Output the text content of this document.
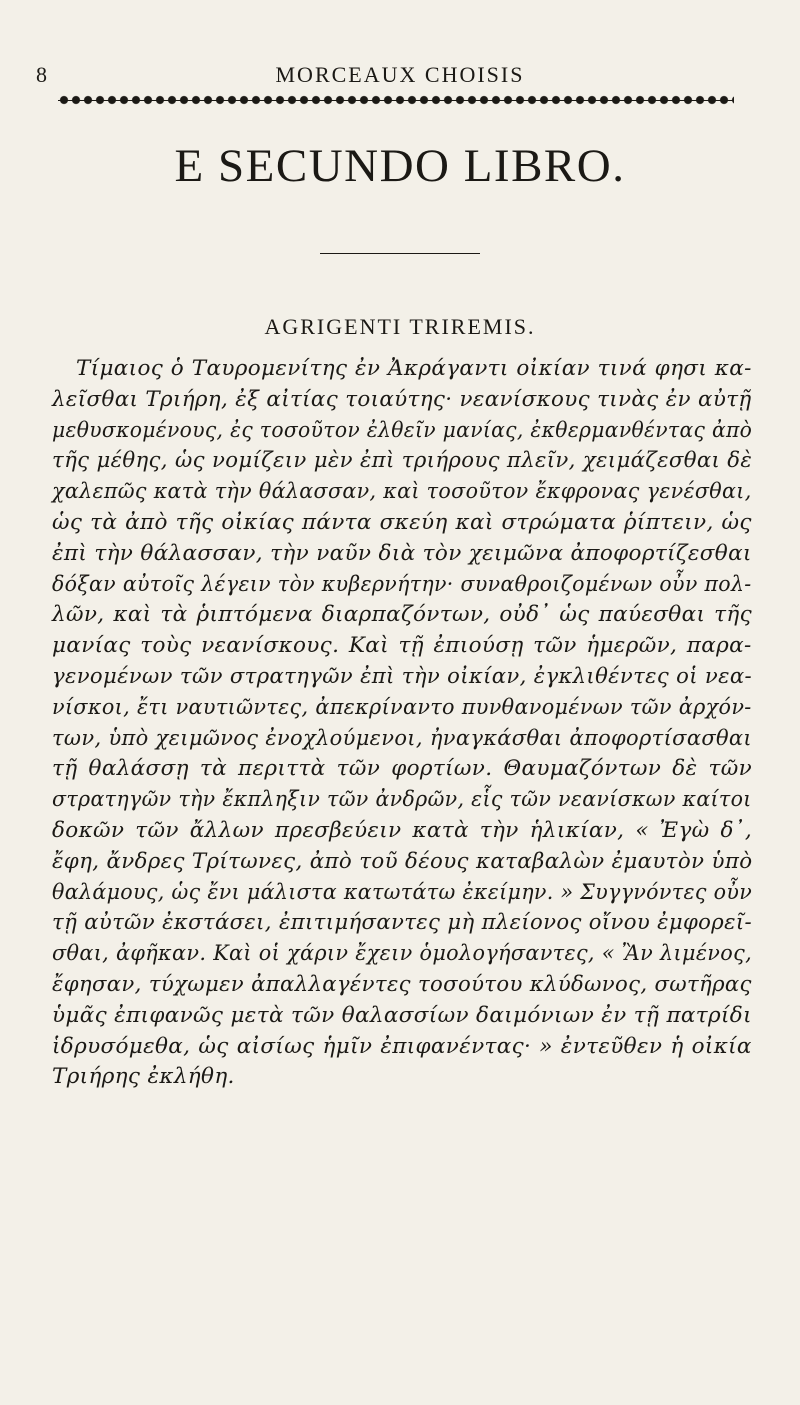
8	MORCEAUX CHOISIS
E SECUNDO LIBRO.
AGRIGENTI TRIREMIS.
Τίμαιος ὁ Ταυρομενίτης ἐν Ἀκράγαντι οἰκίαν τινά φησι κα-
λεῖσθαι Τριήρη, ἐξ αἰτίας τοιαύτης· νεανίσκους τινὰς ἐν αὐτῇ
μεθυσκομένους, ἐς τοσοῦτον ἐλθεῖν μανίας, ἐκθερμανθέντας ἀπὸ
τῆς μέθης, ὡς νομίζειν μὲν ἐπὶ τριήρους πλεῖν, χειμάζεσθαι δὲ
χαλεπῶς κατὰ τὴν θάλασσαν, καὶ τοσοῦτον ἔκφρονας γενέσθαι,
ὡς τὰ ἀπὸ τῆς οἰκίας πάντα σκεύη καὶ στρώματα ῥίπτειν, ὡς
ἐπὶ τὴν θάλασσαν, τὴν ναῦν διὰ τὸν χειμῶνα ἀποφορτίζεσθαι
δόξαν αὐτοῖς λέγειν τὸν κυβερνήτην· συναθροιζομένων οὖν πολ-
λῶν, καὶ τὰ ῥιπτόμενα διαρπαζόντων, οὐδ᾽ ὡς παύεσθαι τῆς
μανίας τοὺς νεανίσκους. Καὶ τῇ ἐπιούσῃ τῶν ἡμερῶν, παρα-
γενομένων τῶν στρατηγῶν ἐπὶ τὴν οἰκίαν, ἐγκλιθέντες οἱ νεα-
νίσκοι, ἔτι ναυτιῶντες, ἀπεκρίναντο πυνθανομένων τῶν ἀρχόν-
των, ὑπὸ χειμῶνος ἐνοχλούμενοι, ἠναγκάσθαι ἀποφορτίσασθαι
τῇ θαλάσσῃ τὰ περιττὰ τῶν φορτίων. Θαυμαζόντων δὲ τῶν
στρατηγῶν τὴν ἔκπληξιν τῶν ἀνδρῶν, εἷς τῶν νεανίσκων καίτοι
δοκῶν τῶν ἄλλων πρεσβεύειν κατὰ τὴν ἡλικίαν, « Ἐγὼ δ᾽,
ἔφη, ἄνδρες Τρίτωνες, ἀπὸ τοῦ δέους καταβαλὼν ἐμαυτὸν ὑπὸ
θαλάμους, ὡς ἔνι μάλιστα κατωτάτω ἐκείμην. » Συγγνόντες οὖν
τῇ αὐτῶν ἐκστάσει, ἐπιτιμήσαντες μὴ πλείονος οἴνου ἐμφορεῖ-
σθαι, ἀφῆκαν. Καὶ οἱ χάριν ἔχειν ὁμολογήσαντες, « Ἂν λιμένος,
ἔφησαν, τύχωμεν ἀπαλλαγέντες τοσούτου κλύδωνος, σωτῆρας
ὑμᾶς ἐπιφανῶς μετὰ τῶν θαλασσίων δαιμόνιων ἐν τῇ πατρίδι
ἱδρυσόμεθα, ὡς αἰσίως ἡμῖν ἐπιφανέντας· » ἐντεῦθεν ἡ οἰκία
Τριήρης ἐκλήθη.
